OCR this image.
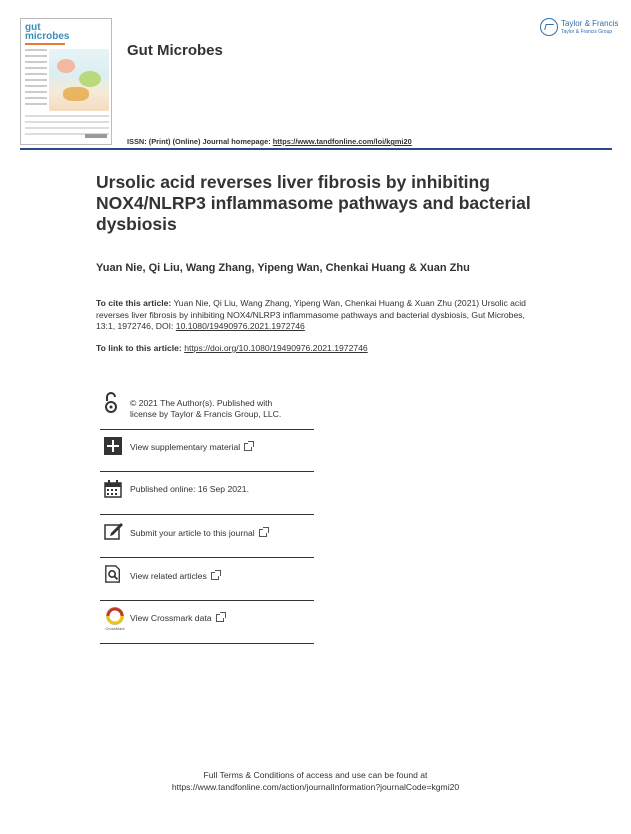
gut
microbes
Gut Microbes
Taylor & Francis
Taylor & Francis Group
ISSN: (Print) (Online) Journal homepage: https://www.tandfonline.com/loi/kgmi20
Ursolic acid reverses liver fibrosis by inhibiting NOX4/NLRP3 inflammasome pathways and bacterial dysbiosis
Yuan Nie, Qi Liu, Wang Zhang, Yipeng Wan, Chenkai Huang & Xuan Zhu
To cite this article: Yuan Nie, Qi Liu, Wang Zhang, Yipeng Wan, Chenkai Huang & Xuan Zhu (2021) Ursolic acid reverses liver fibrosis by inhibiting NOX4/NLRP3 inflammasome pathways and bacterial dysbiosis, Gut Microbes, 13:1, 1972746, DOI: 10.1080/19490976.2021.1972746
To link to this article: https://doi.org/10.1080/19490976.2021.1972746
© 2021 The Author(s). Published with
license by Taylor & Francis Group, LLC.
View supplementary material
Published online: 16 Sep 2021.
Submit your article to this journal
View related articles
CrossMark
View Crossmark data
Full Terms & Conditions of access and use can be found at
https://www.tandfonline.com/action/journalInformation?journalCode=kgmi20
